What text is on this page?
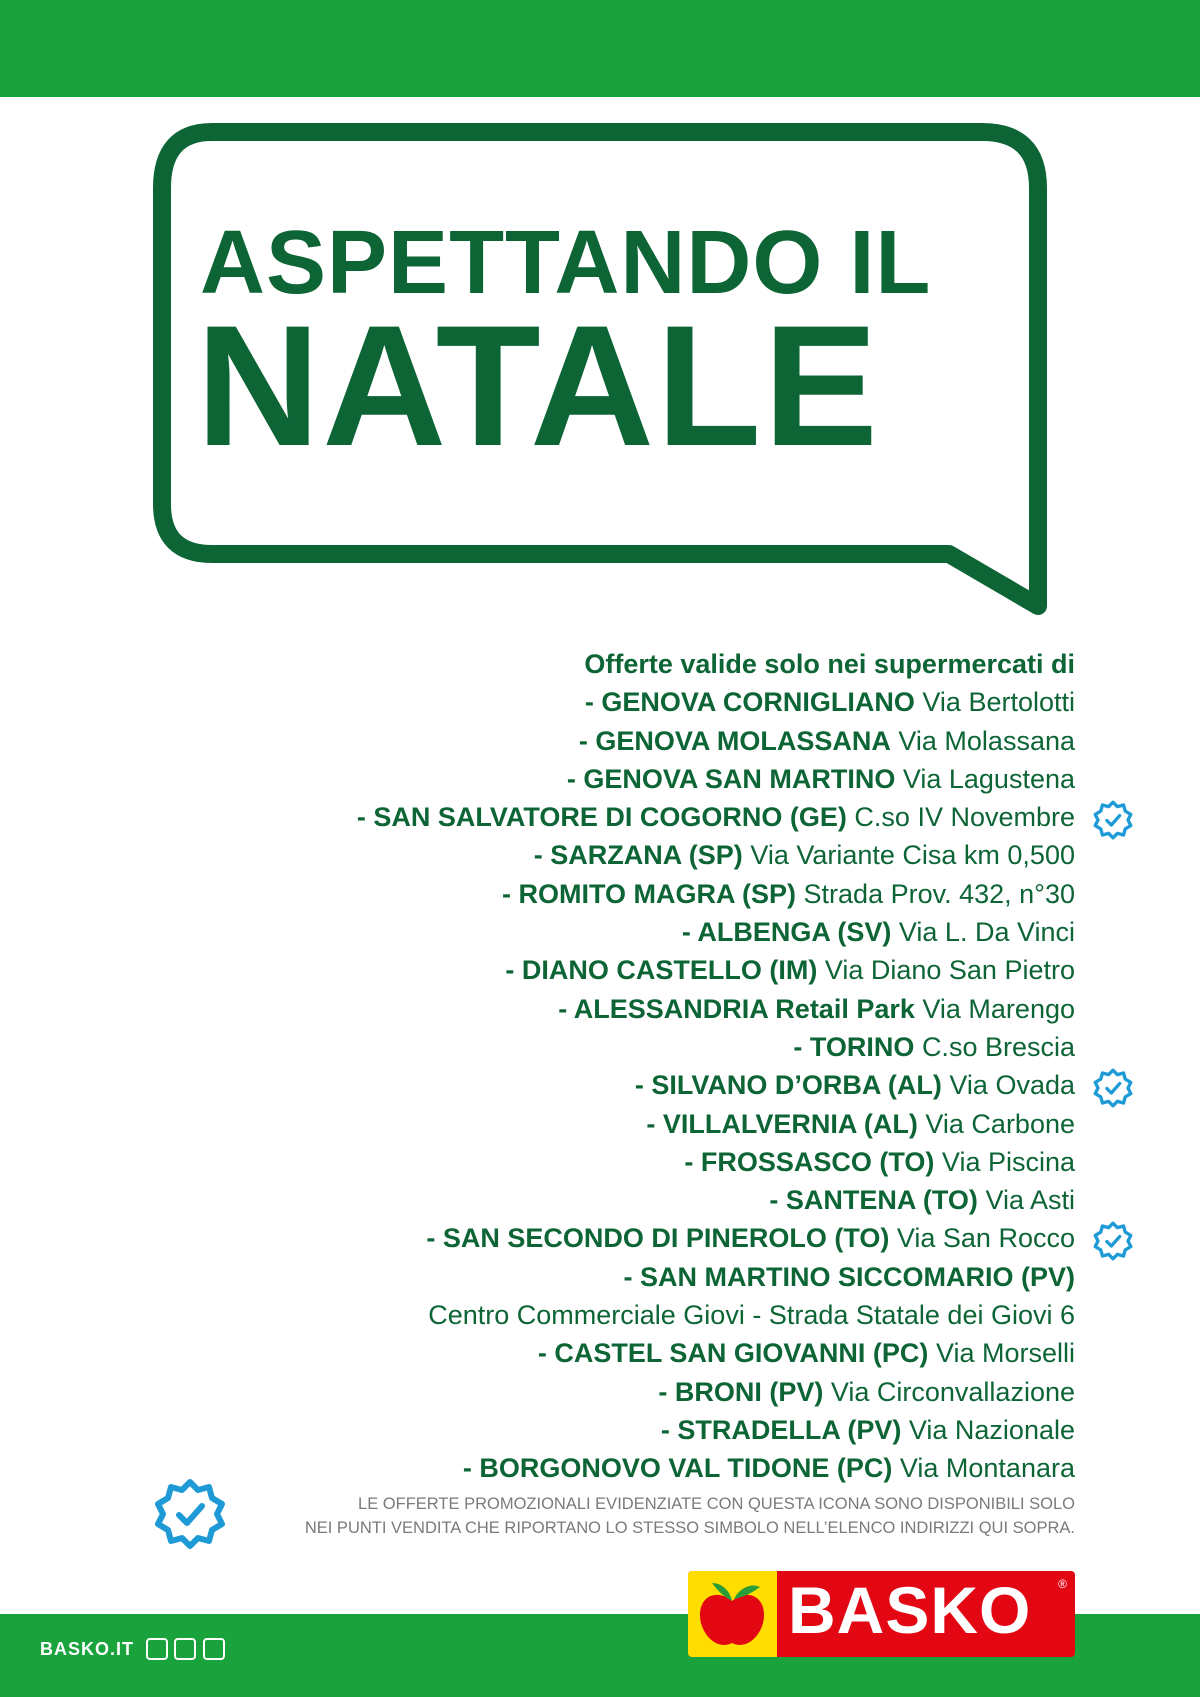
ASPETTANDO IL
NATALE
Offerte valide solo nei supermercati di
- GENOVA CORNIGLIANO Via Bertolotti
- GENOVA MOLASSANA Via Molassana
- GENOVA SAN MARTINO Via Lagustena
- SAN SALVATORE DI COGORNO (GE) C.so IV Novembre
- SARZANA (SP) Via Variante Cisa km 0,500
- ROMITO MAGRA (SP) Strada Prov. 432, n°30
- ALBENGA (SV) Via L. Da Vinci
- DIANO CASTELLO (IM) Via Diano San Pietro
- ALESSANDRIA Retail Park Via Marengo
- TORINO C.so Brescia
- SILVANO D’ORBA (AL) Via Ovada
- VILLALVERNIA (AL) Via Carbone
- FROSSASCO (TO) Via Piscina
- SANTENA (TO) Via Asti
- SAN SECONDO DI PINEROLO (TO) Via San Rocco
- SAN MARTINO SICCOMARIO (PV)
Centro Commerciale Giovi - Strada Statale dei Giovi 6
- CASTEL SAN GIOVANNI (PC) Via Morselli
- BRONI (PV) Via Circonvallazione
- STRADELLA (PV) Via Nazionale
- BORGONOVO VAL TIDONE (PC) Via Montanara
LE OFFERTE PROMOZIONALI EVIDENZIATE CON QUESTA ICONA SONO DISPONIBILI SOLO
NEI PUNTI VENDITA CHE RIPORTANO LO STESSO SIMBOLO NELL’ELENCO INDIRIZZI QUI SOPRA.
BASKO.IT

BASKO ®
